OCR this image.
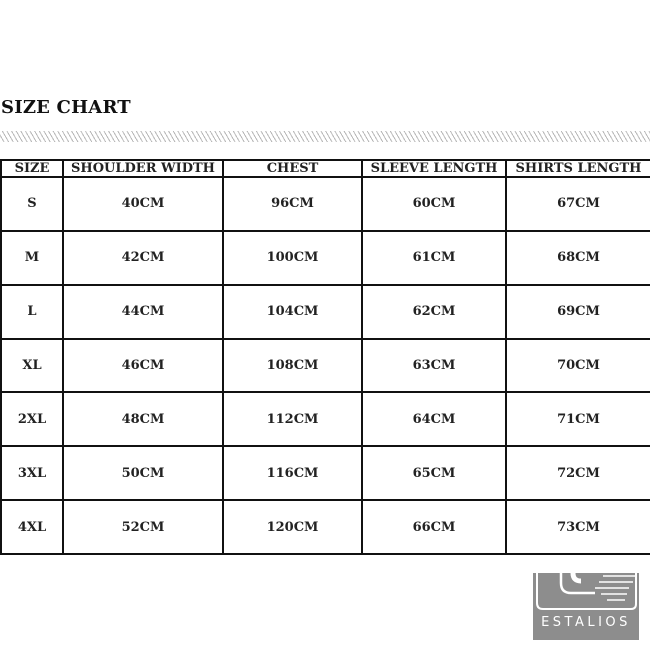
SIZE CHART
SIZE	SHOULDER WIDTH	CHEST	SLEEVE LENGTH	SHIRTS LENGTH
S	40CM	96CM	60CM	67CM
M	42CM	100CM	61CM	68CM
L	44CM	104CM	62CM	69CM
XL	46CM	108CM	63CM	70CM
2XL	48CM	112CM	64CM	71CM
3XL	50CM	116CM	65CM	72CM
4XL	52CM	120CM	66CM	73CM
ESTALIOS
